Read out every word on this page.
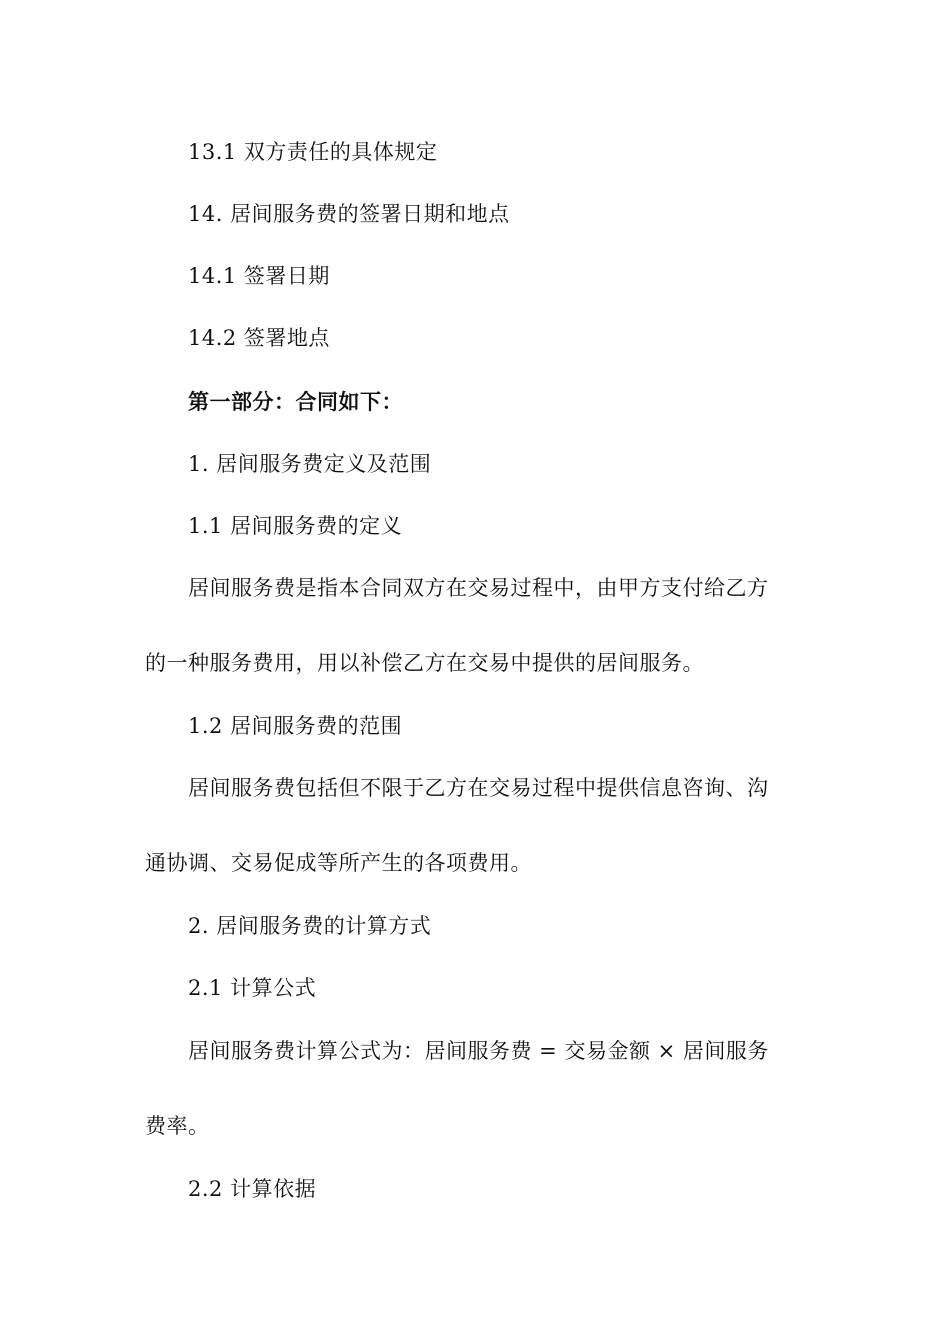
13.1 双方责任的具体规定
14. 居间服务费的签署日期和地点
14.1 签署日期
14.2 签署地点
第一部分：合同如下：
1. 居间服务费定义及范围
1.1 居间服务费的定义
居间服务费是指本合同双方在交易过程中，由甲方支付给乙方
的一种服务费用，用以补偿乙方在交易中提供的居间服务。
1.2 居间服务费的范围
居间服务费包括但不限于乙方在交易过程中提供信息咨询、沟
通协调、交易促成等所产生的各项费用。
2. 居间服务费的计算方式
2.1 计算公式
居间服务费计算公式为：居间服务费 = 交易金额 × 居间服务
费率。
2.2 计算依据
